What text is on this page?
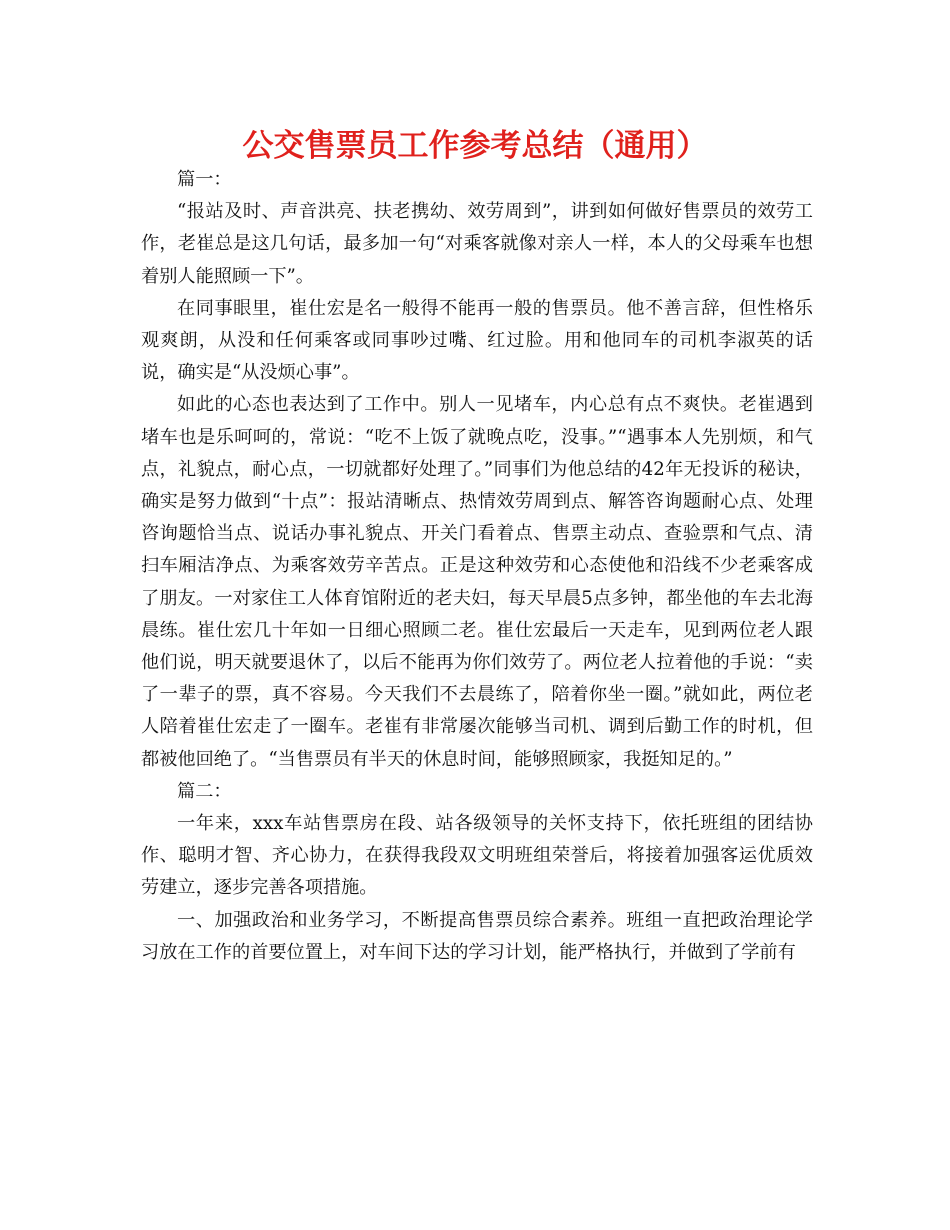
公交售票员工作参考总结（通用）

篇一：

“报站及时、声音洪亮、扶老携幼、效劳周到”，讲到如何做好售票员的效劳工作，老崔总是这几句话，最多加一句“对乘客就像对亲人一样，本人的父母乘车也想着别人能照顾一下”。

在同事眼里，崔仕宏是名一般得不能再一般的售票员。他不善言辞，但性格乐观爽朗，从没和任何乘客或同事吵过嘴、红过脸。用和他同车的司机李淑英的话说，确实是“从没烦心事”。

如此的心态也表达到了工作中。别人一见堵车，内心总有点不爽快。老崔遇到堵车也是乐呵呵的，常说：“吃不上饭了就晚点吃，没事。”“遇事本人先别烦，和气点，礼貌点，耐心点，一切就都好处理了。”同事们为他总结的42年无投诉的秘诀，确实是努力做到“十点”：报站清晰点、热情效劳周到点、解答咨询题耐心点、处理咨询题恰当点、说话办事礼貌点、开关门看着点、售票主动点、查验票和气点、清扫车厢洁净点、为乘客效劳辛苦点。正是这种效劳和心态使他和沿线不少老乘客成了朋友。一对家住工人体育馆附近的老夫妇，每天早晨5点多钟，都坐他的车去北海晨练。崔仕宏几十年如一日细心照顾二老。崔仕宏最后一天走车，见到两位老人跟他们说，明天就要退休了，以后不能再为你们效劳了。两位老人拉着他的手说：“卖了一辈子的票，真不容易。今天我们不去晨练了，陪着你坐一圈。”就如此，两位老人陪着崔仕宏走了一圈车。老崔有非常屡次能够当司机、调到后勤工作的时机，但都被他回绝了。“当售票员有半天的休息时间，能够照顾家，我挺知足的。”

篇二：

一年来，xxx车站售票房在段、站各级领导的关怀支持下，依托班组的团结协作、聪明才智、齐心协力，在获得我段双文明班组荣誉后，将接着加强客运优质效劳建立，逐步完善各项措施。

一、加强政治和业务学习，不断提高售票员综合素养。班组一直把政治理论学习放在工作的首要位置上，对车间下达的学习计划，能严格执行，并做到了学前有
